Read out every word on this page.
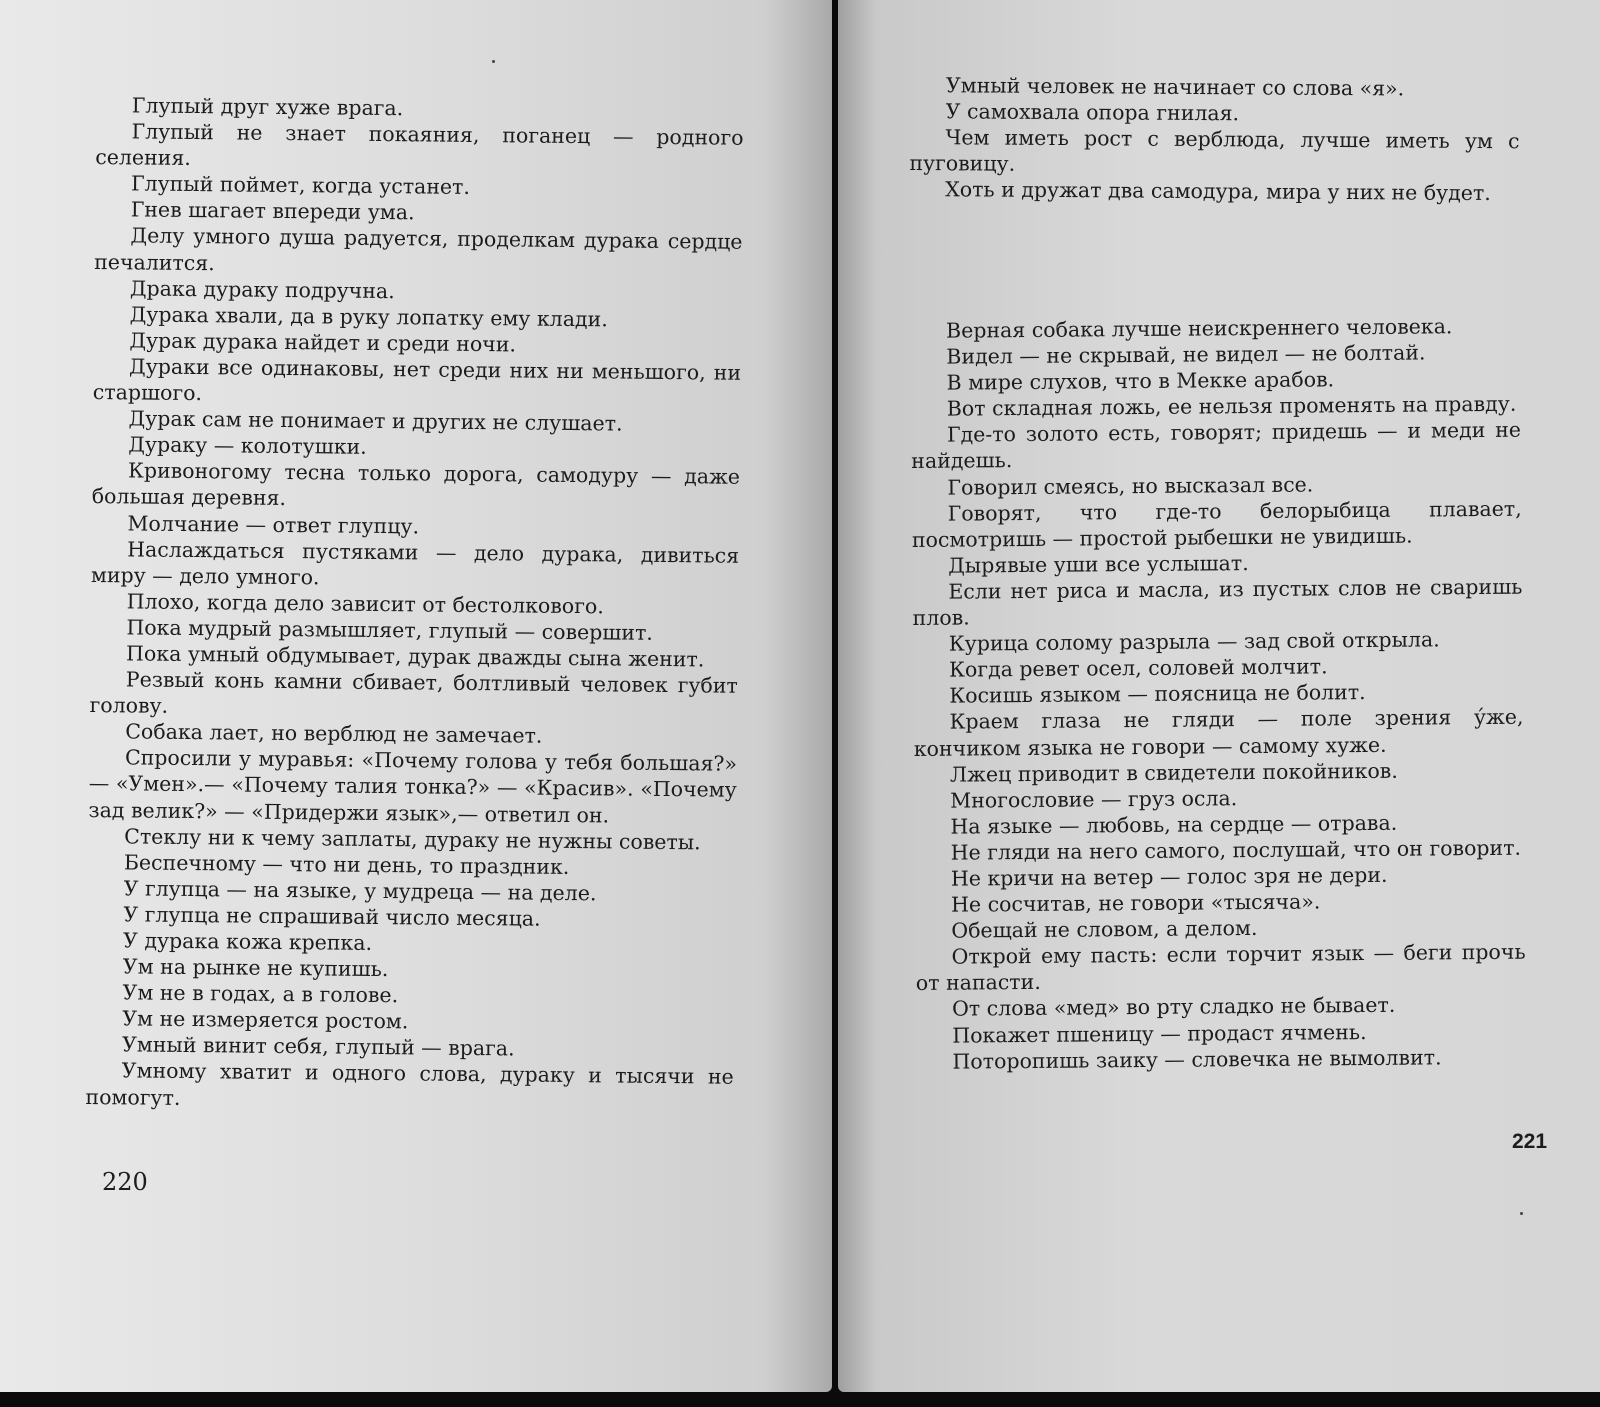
Глупый друг хуже врага.
Глупый не знает покаяния, поганец — родного селения.
Глупый поймет, когда устанет.
Гнев шагает впереди ума.
Делу умного душа радуется, проделкам дурака сердце печалится.
Драка дураку подручна.
Дурака хвали, да в руку лопатку ему клади.
Дурак дурака найдет и среди ночи.
Дураки все одинаковы, нет среди них ни меньшого, ни старшого.
Дурак сам не понимает и других не слушает.
Дураку — колотушки.
Кривоногому тесна только дорога, самодуру — даже большая деревня.
Молчание — ответ глупцу.
Наслаждаться пустяками — дело дурака, дивиться миру — дело умного.
Плохо, когда дело зависит от бестолкового.
Пока мудрый размышляет, глупый — совершит.
Пока умный обдумывает, дурак дважды сына женит.
Резвый конь камни сбивает, болтливый человек губит голову.
Собака лает, но верблюд не замечает.
Спросили у муравья: «Почему голова у тебя большая?» — «Умен».— «Почему талия тонка?» — «Красив». «Почему зад велик?» — «Придержи язык»,— ответил он.
Стеклу ни к чему заплаты, дураку не нужны советы.
Беспечному — что ни день, то праздник.
У глупца — на языке, у мудреца — на деле.
У глупца не спрашивай число месяца.
У дурака кожа крепка.
Ум на рынке не купишь.
Ум не в годах, а в голове.
Ум не измеряется ростом.
Умный винит себя, глупый — врага.
Умному хватит и одного слова, дураку и тысячи не помогут.
220
Умный человек не начинает со слова «я».
У самохвала опора гнилая.
Чем иметь рост с верблюда, лучше иметь ум с пуговицу.
Хоть и дружат два самодура, мира у них не будет.
Верная собака лучше неискреннего человека.
Видел — не скрывай, не видел — не болтай.
В мире слухов, что в Мекке арабов.
Вот складная ложь, ее нельзя променять на правду.
Где-то золото есть, говорят; придешь — и меди не найдешь.
Говорил смеясь, но высказал все.
Говорят, что где-то белорыбица плавает, посмотришь — простой рыбешки не увидишь.
Дырявые уши все услышат.
Если нет риса и масла, из пустых слов не сваришь плов.
Курица солому разрыла — зад свой открыла.
Когда ревет осел, соловей молчит.
Косишь языком — поясница не болит.
Краем глаза не гляди — поле зрения у́же, кончиком языка не говори — самому хуже.
Лжец приводит в свидетели покойников.
Многословие — груз осла.
На языке — любовь, на сердце — отрава.
Не гляди на него самого, послушай, что он говорит.
Не кричи на ветер — голос зря не дери.
Не сосчитав, не говори «тысяча».
Обещай не словом, а делом.
Открой ему пасть: если торчит язык — беги прочь от напасти.
От слова «мед» во рту сладко не бывает.
Покажет пшеницу — продаст ячмень.
Поторопишь заику — словечка не вымолвит.
221
